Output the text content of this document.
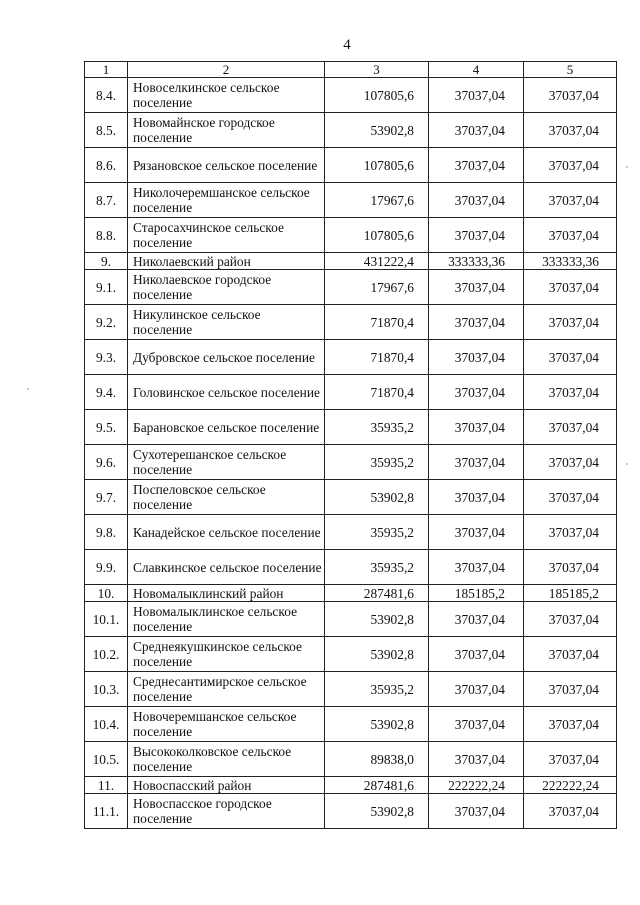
4
1	2	3	4	5
8.4.	Новоселкинское сельское поселение	107805,6	37037,04	37037,04
8.5.	Новомайнское городское поселение	53902,8	37037,04	37037,04
8.6.	Рязановское сельское поселение	107805,6	37037,04	37037,04
8.7.	Николочеремшанское сельское поселение	17967,6	37037,04	37037,04
8.8.	Старосахчинское сельское поселение	107805,6	37037,04	37037,04
9.	Николаевский район	431222,4	333333,36	333333,36
9.1.	Николаевское городское поселение	17967,6	37037,04	37037,04
9.2.	Никулинское сельское поселение	71870,4	37037,04	37037,04
9.3.	Дубровское сельское поселение	71870,4	37037,04	37037,04
9.4.	Головинское сельское поселение	71870,4	37037,04	37037,04
9.5.	Барановское сельское поселение	35935,2	37037,04	37037,04
9.6.	Сухотерешанское сельское поселение	35935,2	37037,04	37037,04
9.7.	Поспеловское сельское поселение	53902,8	37037,04	37037,04
9.8.	Канадейское сельское поселение	35935,2	37037,04	37037,04
9.9.	Славкинское сельское поселение	35935,2	37037,04	37037,04
10.	Новомалыклинский район	287481,6	185185,2	185185,2
10.1.	Новомалыклинское сельское поселение	53902,8	37037,04	37037,04
10.2.	Среднеякушкинское сельское поселение	53902,8	37037,04	37037,04
10.3.	Среднесантимирское сельское поселение	35935,2	37037,04	37037,04
10.4.	Новочеремшанское сельское поселение	53902,8	37037,04	37037,04
10.5.	Высококолковское сельское поселение	89838,0	37037,04	37037,04
11.	Новоспасский район	287481,6	222222,24	222222,24
11.1.	Новоспасское городское поселение	53902,8	37037,04	37037,04
